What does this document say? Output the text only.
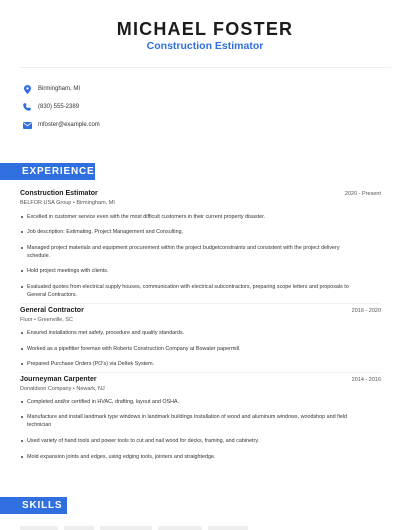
MICHAEL FOSTER
Construction Estimator
Birmingham, MI
(830) 555-2389
mfoster@example.com
EXPERIENCE
Construction Estimator	2020 - Present
BELFOR USA Group • Birmingham, MI
Excelled in customer service even with the most difficult customers in their current property disaster.
Job description: Estimating, Project Management and Consulting.
Managed project materials and equipment procurement within the project budgetconstraints and consistent with the project delivery schedule.
Hold project meetings with clients.
Evaluated quotes from electrical supply houses, communication with electrical subcontractors, preparing scope letters and proposals to General Contractors.
General Contractor	2016 - 2020
Fluor • Greenville, SC
Ensured installations met safety, procedure and quality standards.
Worked as a pipefitter foreman with Roberts Construction Company at Bowater papermill.
Prepared Purchase Orders (PO's) via Deltek System.
Journeyman Carpenter	2014 - 2016
Donaldson Company • Newark, NJ
Completed and/or certified in HVAC, drafting, layout and OSHA.
Manufacture and install landmark type windows in landmark buildings Installation of wood and aluminum windows, woodshop and field technician
Used variety of hand tools and power tools to cut and nail wood for decks, framing, and cabinetry.
Mold expansion joints and edges, using edging tools, jointers and straightedge.
SKILLS
